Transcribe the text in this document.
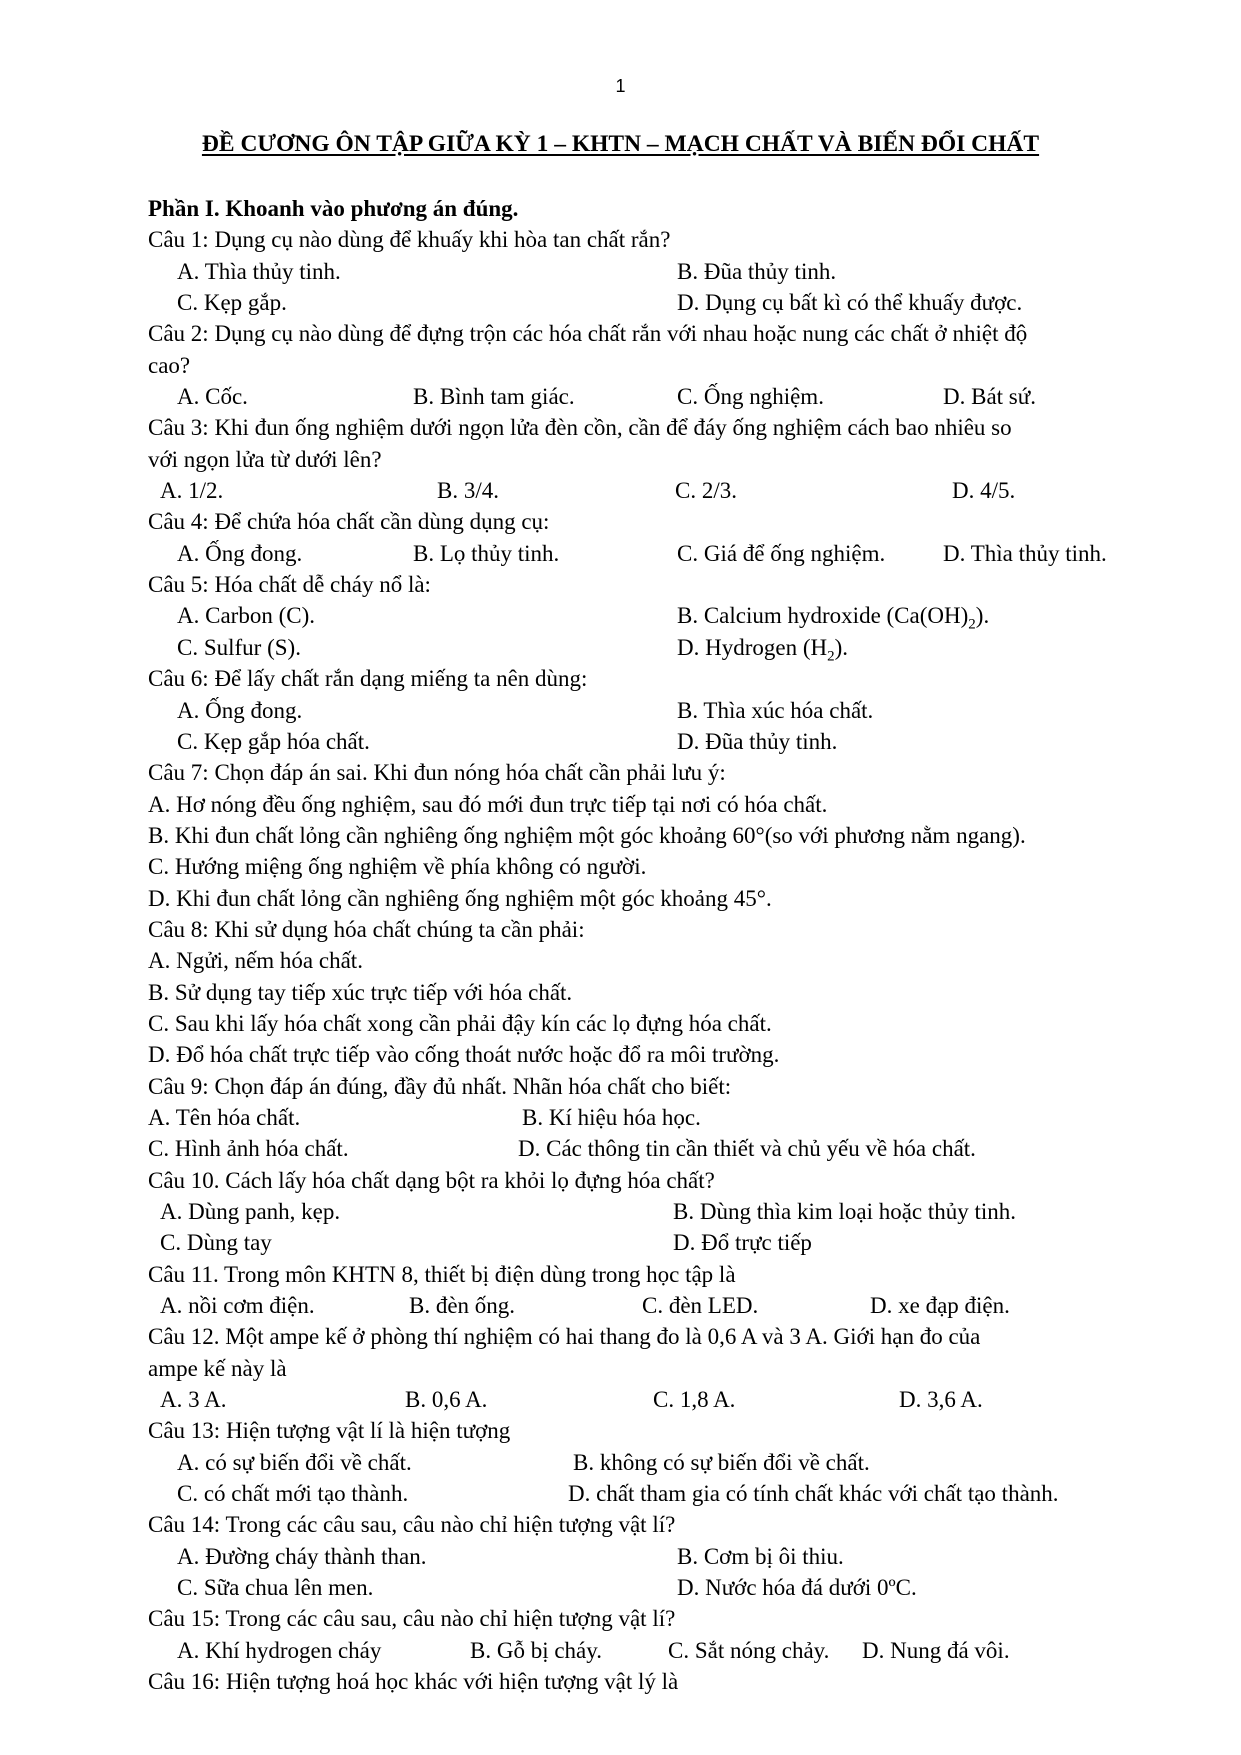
1
ĐỀ CƯƠNG ÔN TẬP GIỮA KỲ 1 – KHTN – MẠCH CHẤT VÀ BIẾN ĐỔI CHẤT
Phần I. Khoanh vào phương án đúng.
Câu 1: Dụng cụ nào dùng để khuấy khi hòa tan chất rắn?
A. Thìa thủy tinh.	B. Đũa thủy tinh.
C. Kẹp gắp.	D. Dụng cụ bất kì có thể khuấy được.
Câu 2: Dụng cụ nào dùng để đựng trộn các hóa chất rắn với nhau hoặc nung các chất ở nhiệt độ
cao?
A. Cốc.	B. Bình tam giác.	C. Ống nghiệm.	D. Bát sứ.
Câu 3: Khi đun ống nghiệm dưới ngọn lửa đèn cồn, cần để đáy ống nghiệm cách bao nhiêu so
với ngọn lửa từ dưới lên?
A. 1/2.	B. 3/4.	C. 2/3.	D. 4/5.
Câu 4: Để chứa hóa chất cần dùng dụng cụ:
A. Ống đong.	B. Lọ thủy tinh.	C. Giá để ống nghiệm.	D. Thìa thủy tinh.
Câu 5: Hóa chất dễ cháy nổ là:
A. Carbon (C).	B. Calcium hydroxide $(Ca(OH)_2)$.
C. Sulfur (S).	D. Hydrogen $(H_2)$.
Câu 6: Để lấy chất rắn dạng miếng ta nên dùng:
A. Ống đong.	B. Thìa xúc hóa chất.
C. Kẹp gắp hóa chất.	D. Đũa thủy tinh.
Câu 7: Chọn đáp án sai. Khi đun nóng hóa chất cần phải lưu ý:
A. Hơ nóng đều ống nghiệm, sau đó mới đun trực tiếp tại nơi có hóa chất.
B. Khi đun chất lỏng cần nghiêng ống nghiệm một góc khoảng 60°(so với phương nằm ngang).
C. Hướng miệng ống nghiệm về phía không có người.
D. Khi đun chất lỏng cần nghiêng ống nghiệm một góc khoảng 45°.
Câu 8: Khi sử dụng hóa chất chúng ta cần phải:
A. Ngửi, nếm hóa chất.
B. Sử dụng tay tiếp xúc trực tiếp với hóa chất.
C. Sau khi lấy hóa chất xong cần phải đậy kín các lọ đựng hóa chất.
D. Đổ hóa chất trực tiếp vào cống thoát nước hoặc đổ ra môi trường.
Câu 9: Chọn đáp án đúng, đầy đủ nhất. Nhãn hóa chất cho biết:
A. Tên hóa chất.	B. Kí hiệu hóa học.
C. Hình ảnh hóa chất.	D. Các thông tin cần thiết và chủ yếu về hóa chất.
Câu 10. Cách lấy hóa chất dạng bột ra khỏi lọ đựng hóa chất?
A. Dùng panh, kẹp.	B. Dùng thìa kim loại hoặc thủy tinh.
C. Dùng tay	D. Đổ trực tiếp
Câu 11. Trong môn KHTN 8, thiết bị điện dùng trong học tập là
A. nồi cơm điện.	B. đèn ống.	C. đèn LED.	D. xe đạp điện.
Câu 12. Một ampe kế ở phòng thí nghiệm có hai thang đo là 0,6 A và 3 A. Giới hạn đo của
ampe kế này là
A. 3 A.	B. 0,6 A.	C. 1,8 A.	D. 3,6 A.
Câu 13: Hiện tượng vật lí là hiện tượng
A. có sự biến đổi về chất.	B. không có sự biến đổi về chất.
C. có chất mới tạo thành.	D. chất tham gia có tính chất khác với chất tạo thành.
Câu 14: Trong các câu sau, câu nào chỉ hiện tượng vật lí?
A. Đường cháy thành than.	B. Cơm bị ôi thiu.
C. Sữa chua lên men.	D. Nước hóa đá dưới 0ºC.
Câu 15: Trong các câu sau, câu nào chỉ hiện tượng vật lí?
A. Khí hydrogen cháy	B. Gỗ bị cháy.	C. Sắt nóng chảy. D. Nung đá vôi.
Câu 16: Hiện tượng hoá học khác với hiện tượng vật lý là
